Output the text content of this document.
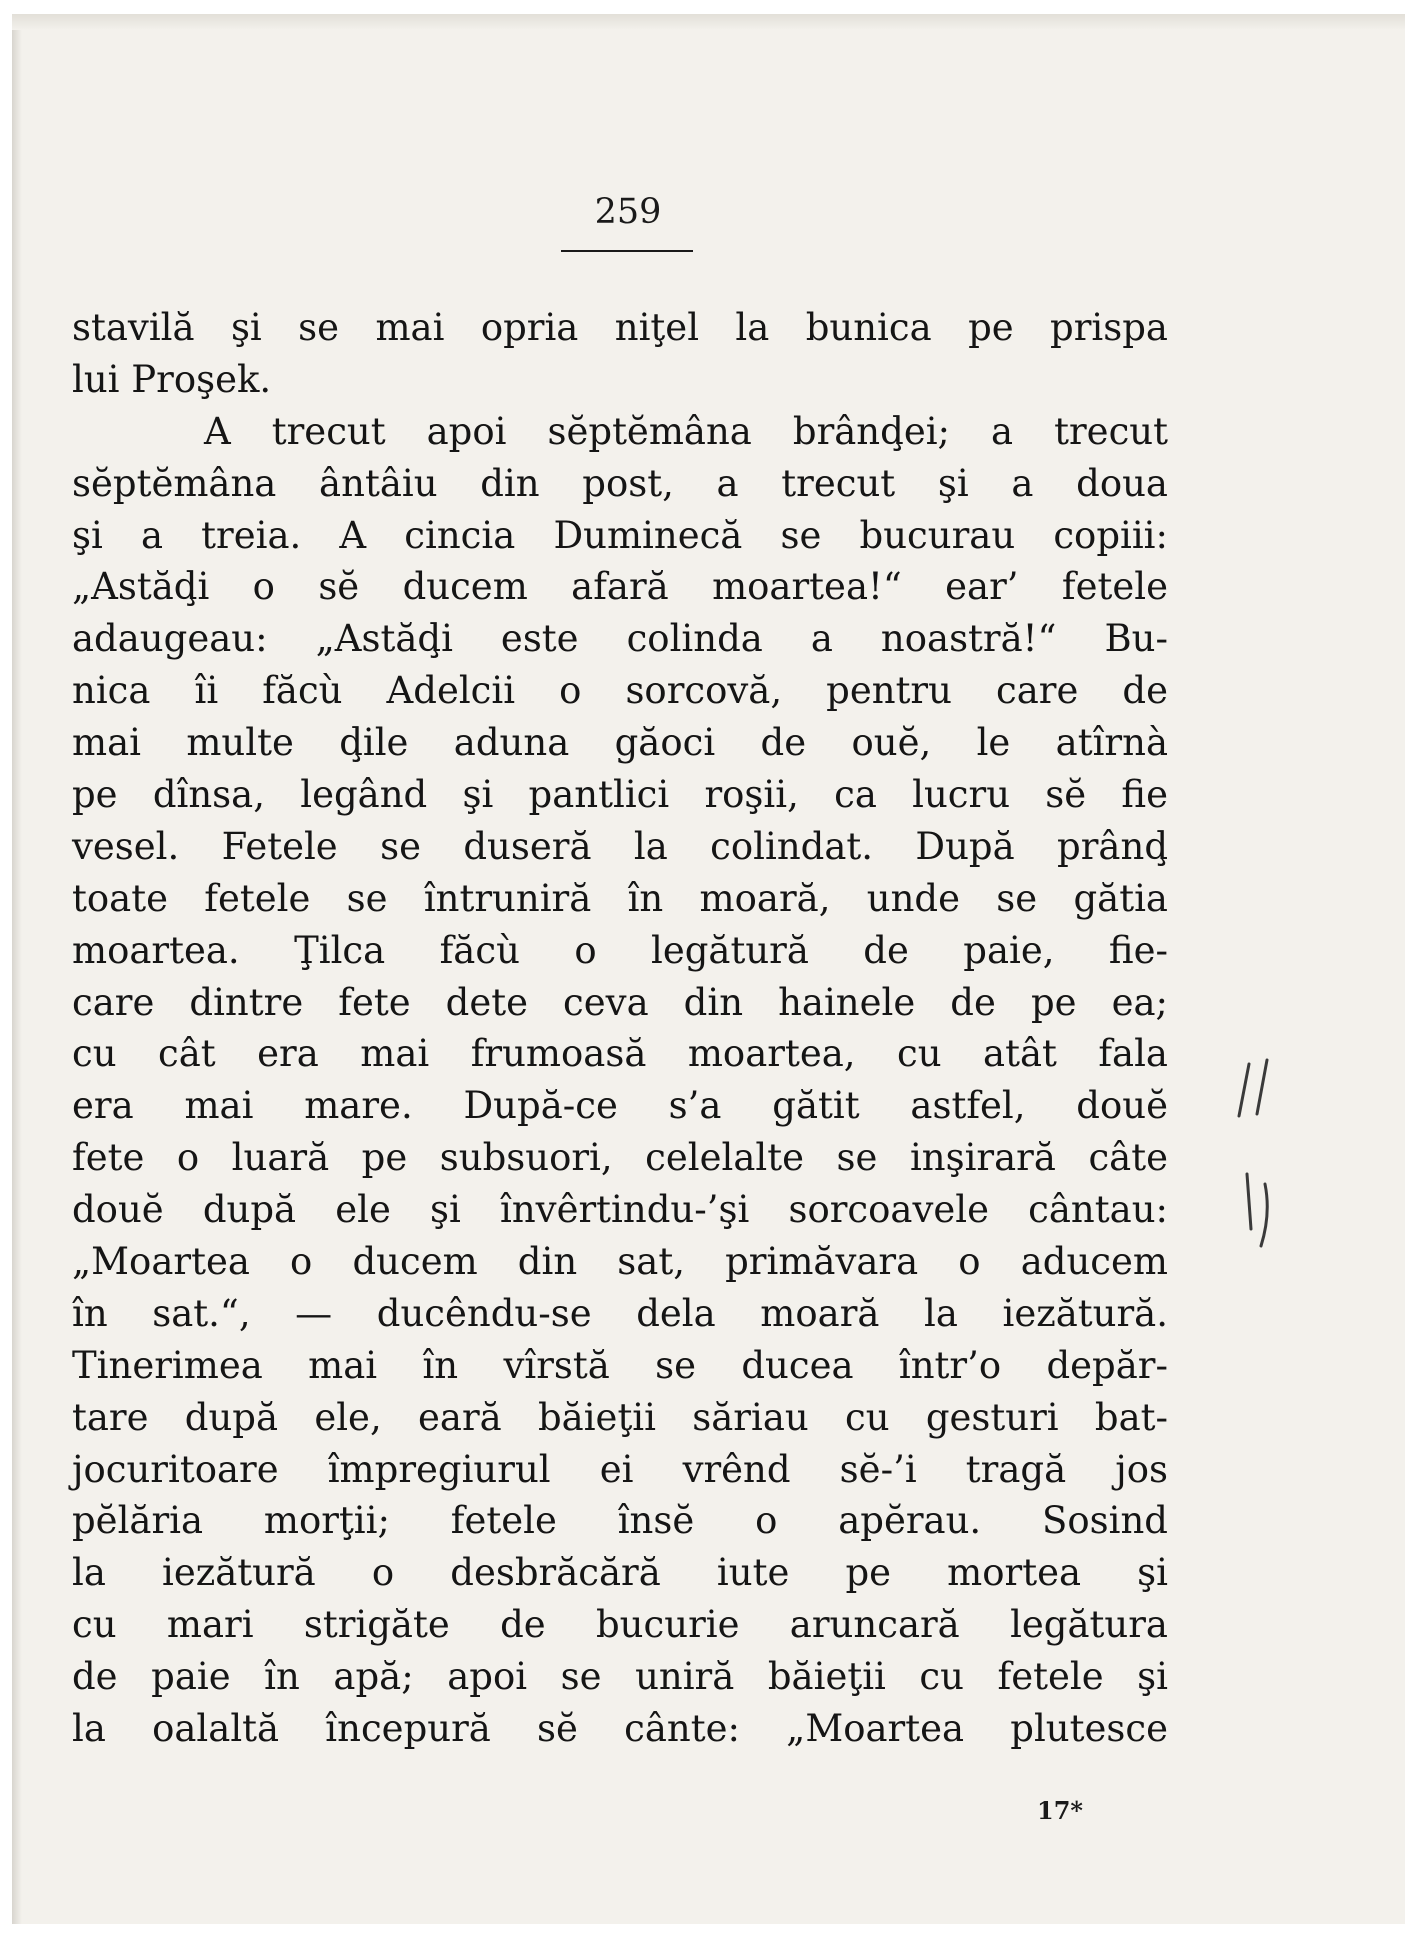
259
stavilă şi se mai opria niţel la bunica pe prispa
lui Proşek.
A trecut apoi sĕptĕmâna brânḑei; a trecut
sĕptĕmâna ântâiu din post, a trecut şi a doua
şi a treia. A cincia Duminecă se bucurau copiii:
„Astăḑi o sĕ ducem afară moartea!“ ear’ fetele
adaugeau: „Astăḑi este colinda a noastră!“ Bu-
nica îi făcù Adelcii o sorcovă, pentru care de
mai multe ḑile aduna găoci de ouĕ, le atîrnà
pe dînsa, legând şi pantlici roşii, ca lucru sĕ fie
vesel. Fetele se duseră la colindat. După prânḑ
toate fetele se întruniră în moară, unde se gătia
moartea. Ţilca făcù o legătură de paie, fie-
care dintre fete dete ceva din hainele de pe ea;
cu cât era mai frumoasă moartea, cu atât fala
era mai mare. După-ce s’a gătit astfel, douĕ
fete o luară pe subsuori, celelalte se inşirară câte
douĕ după ele şi învêrtindu-’şi sorcoavele cântau:
„Moartea o ducem din sat, primăvara o aducem
în sat.“, — ducêndu-se dela moară la iezătură.
Tinerimea mai în vîrstă se ducea într’o depăr-
tare după ele, eară băieţii săriau cu gesturi bat-
jocuritoare împregiurul ei vrênd sĕ-’i tragă jos
pĕlăria morţii; fetele însĕ o apĕrau. Sosind
la iezătură o desbrăcără iute pe mortea şi
cu mari strigăte de bucurie aruncară legătura
de paie în apă; apoi se uniră băieţii cu fetele şi
la oalaltă începură sĕ cânte: „Moartea plutesce
17*
